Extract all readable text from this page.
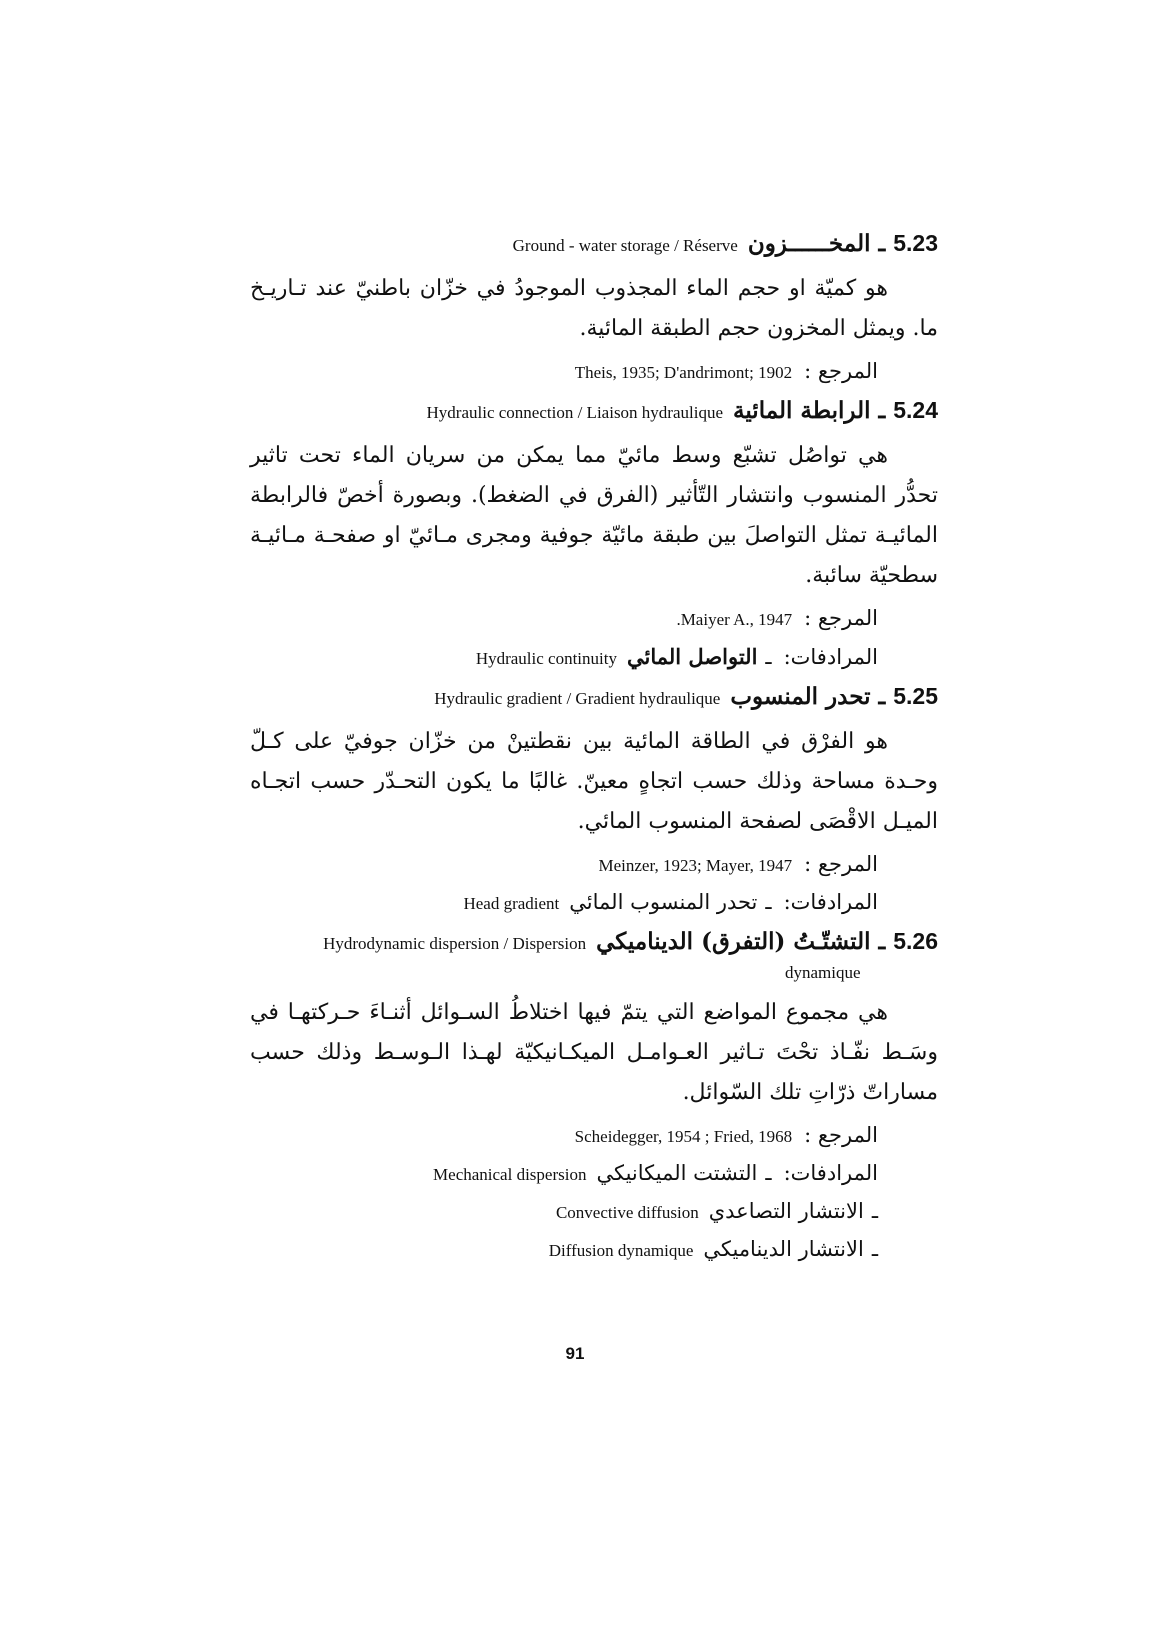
5.23
ـ
المخــــــزون
Ground - water storage / Réserve

هو كميّة او حجم الماء المجذوب الموجودُ في خزّان باطنيّ عند تـاريـخ ما. ويمثل المخزون حجم الطبقة المائية.

المرجع :
Theis, 1935; D'andrimont; 1902
5.24
ـ
الرابطة المائية
Hydraulic connection / Liaison hydraulique

هي تواصُل تشبّع وسط مائيّ مما يمكن من سريان الماء تحت تاثير تحدُّر المنسوب وانتشار التّأثير (الفرق في الضغط). وبصورة أخصّ فالرابطة المائيـة تمثل التواصلَ بين طبقة مائيّة جوفية ومجرى مـائيّ او صفحـة مـائيـة سطحيّة سائبة.

المرجع :
.Maiyer A., 1947
المرادفات:
ـ
التواصل المائي
Hydraulic continuity
5.25
ـ
تحدر المنسوب
Hydraulic gradient / Gradient hydraulique

هو الفرْق في الطاقة المائية بين نقطتينْ من خزّان جوفيّ على كـلّ وحـدة مساحة وذلك حسب اتجاهٍ معينّ. غالبًا ما يكون التحـدّر حسب اتجـاه الميـل الاقْصَى لصفحة المنسوب المائي.

المرجع :
Meinzer, 1923; Mayer, 1947
المرادفات:
ـ
تحدر المنسوب المائي
Head gradient
5.26
ـ
التشتّـتُ (التفرق) الديناميكي
Hydrodynamic dispersion / Dispersion
dynamique

هي مجموع المواضع التي يتمّ فيها اختلاطُ السـوائل أثنـاءَ حـركتهـا في وسَـط نفّـاذ تحْتَ تـاثير العـوامـل الميكـانيكيّة لهـذا الـوسـط وذلك حسب مساراتّ ذرّاتِ تلك السّوائل.

المرجع :
Scheidegger, 1954 ; Fried, 1968
المرادفات:
ـ
التشتت الميكانيكي
Mechanical dispersion
ـ
الانتشار التصاعدي
Convective diffusion
ـ
الانتشار الديناميكي
Diffusion dynamique
91
